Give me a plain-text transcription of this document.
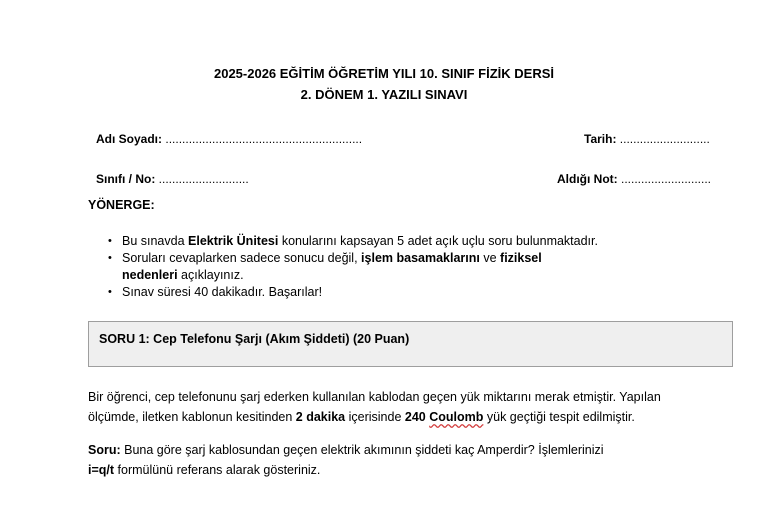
2025-2026 EĞİTİM ÖĞRETİM YILI 10. SINIF FİZİK DERSİ
2. DÖNEM 1. YAZILI SINAVI
Adı Soyadı: ...........................................................	Tarih: ...........................
Sınıfı / No: ...........................	Aldığı Not: ...........................
YÖNERGE:
• Bu sınavda Elektrik Ünitesi konularını kapsayan 5 adet açık uçlu soru bulunmaktadır.
• Soruları cevaplarken sadece sonucu değil, işlem basamaklarını ve fiziksel
nedenleri açıklayınız.
• Sınav süresi 40 dakikadır. Başarılar!
SORU 1: Cep Telefonu Şarjı (Akım Şiddeti) (20 Puan)
Bir öğrenci, cep telefonunu şarj ederken kullanılan kablodan geçen yük miktarını merak etmiştir. Yapılan
ölçümde, iletken kablonun kesitinden 2 dakika içerisinde 240 Coulomb yük geçtiği tespit edilmiştir.
Soru: Buna göre şarj kablosundan geçen elektrik akımının şiddeti kaç Amperdir? İşlemlerinizi
i=q/t formülünü referans alarak gösteriniz.
